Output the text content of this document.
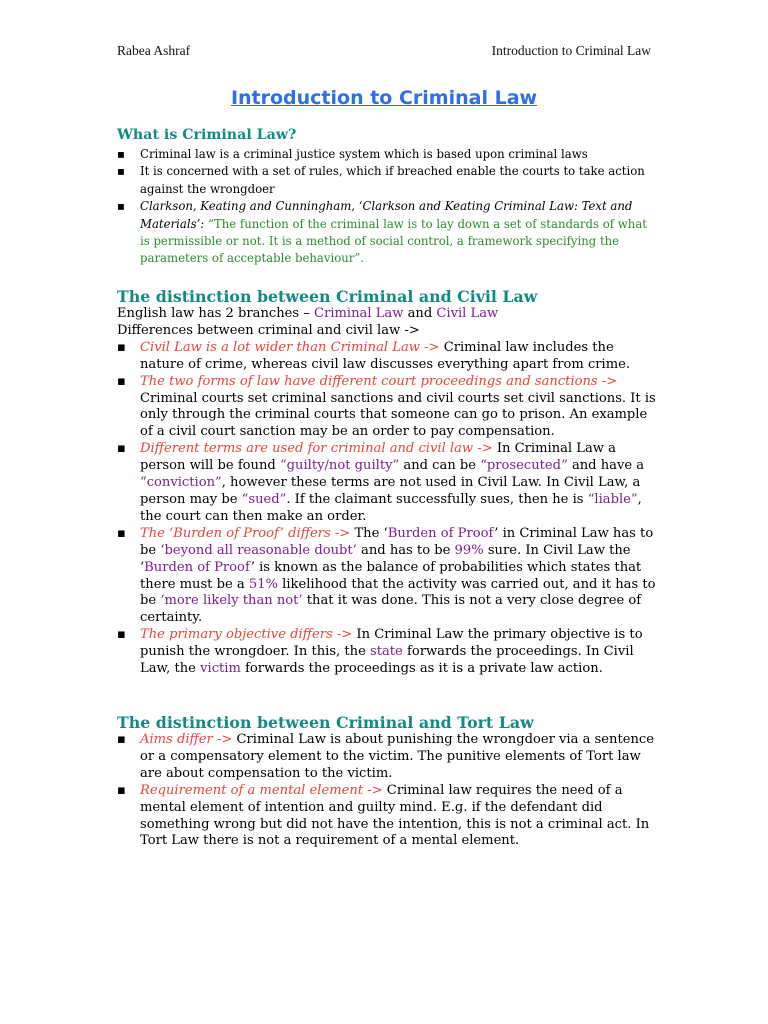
Rabea Ashraf	Introduction to Criminal Law
Introduction to Criminal Law
What is Criminal Law?
▪ Criminal law is a criminal justice system which is based upon criminal laws
▪ It is concerned with a set of rules, which if breached enable the courts to take action against the wrongdoer
▪ Clarkson, Keating and Cunningham, ‘Clarkson and Keating Criminal Law: Text and Materials’: “The function of the criminal law is to lay down a set of standards of what is permissible or not. It is a method of social control, a framework specifying the parameters of acceptable behaviour”.
The distinction between Criminal and Civil Law
English law has 2 branches – Criminal Law and Civil Law
Differences between criminal and civil law ->
▪ Civil Law is a lot wider than Criminal Law -> Criminal law includes the nature of crime, whereas civil law discusses everything apart from crime.
▪ The two forms of law have different court proceedings and sanctions -> Criminal courts set criminal sanctions and civil courts set civil sanctions. It is only through the criminal courts that someone can go to prison. An example of a civil court sanction may be an order to pay compensation.
▪ Different terms are used for criminal and civil law -> In Criminal Law a person will be found “guilty/not guilty” and can be “prosecuted” and have a “conviction”, however these terms are not used in Civil Law. In Civil Law, a person may be “sued”. If the claimant successfully sues, then he is “liable”, the court can then make an order.
▪ The ‘Burden of Proof’ differs -> The ‘Burden of Proof’ in Criminal Law has to be ‘beyond all reasonable doubt’ and has to be 99% sure. In Civil Law the ‘Burden of Proof’ is known as the balance of probabilities which states that there must be a 51% likelihood that the activity was carried out, and it has to be ‘more likely than not’ that it was done. This is not a very close degree of certainty.
▪ The primary objective differs -> In Criminal Law the primary objective is to punish the wrongdoer. In this, the state forwards the proceedings. In Civil Law, the victim forwards the proceedings as it is a private law action.
The distinction between Criminal and Tort Law
▪ Aims differ -> Criminal Law is about punishing the wrongdoer via a sentence or a compensatory element to the victim. The punitive elements of Tort law are about compensation to the victim.
▪ Requirement of a mental element -> Criminal law requires the need of a mental element of intention and guilty mind. E.g. if the defendant did something wrong but did not have the intention, this is not a criminal act. In Tort Law there is not a requirement of a mental element.
